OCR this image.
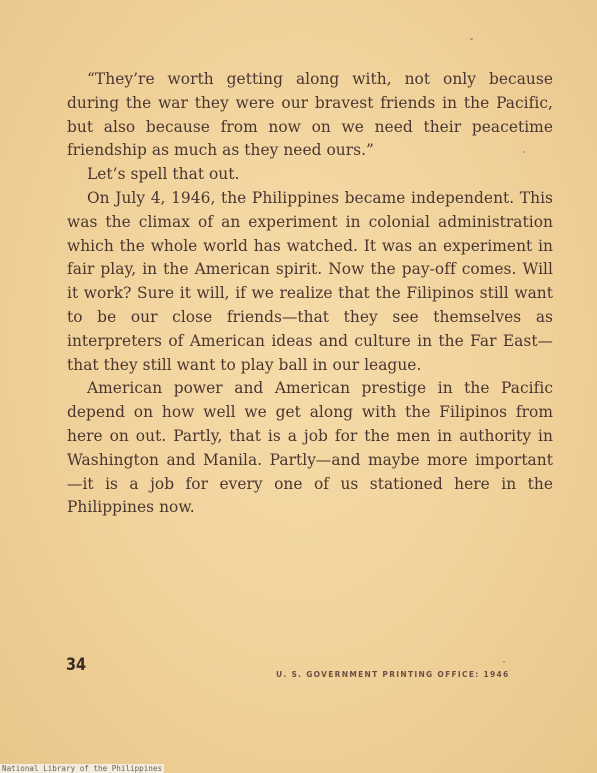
“They’re worth getting along with, not only because during the war they were our bravest friends in the Pacific, but also because from now on we need their peacetime friendship as much as they need ours.”

Let’s spell that out.

On July 4, 1946, the Philippines became independent. This was the climax of an experiment in colonial administration which the whole world has watched. It was an experiment in fair play, in the American spirit. Now the pay-off comes. Will it work? Sure it will, if we realize that the Filipinos still want to be our close friends—that they see themselves as interpreters of American ideas and culture in the Far East—that they still want to play ball in our league.

American power and American prestige in the Pacific depend on how well we get along with the Filipinos from here on out. Partly, that is a job for the men in authority in Washington and Manila. Partly—and maybe more important—it is a job for every one of us stationed here in the Philippines now.

34	U. S. GOVERNMENT PRINTING OFFICE: 1946
National Library of the Philippines
